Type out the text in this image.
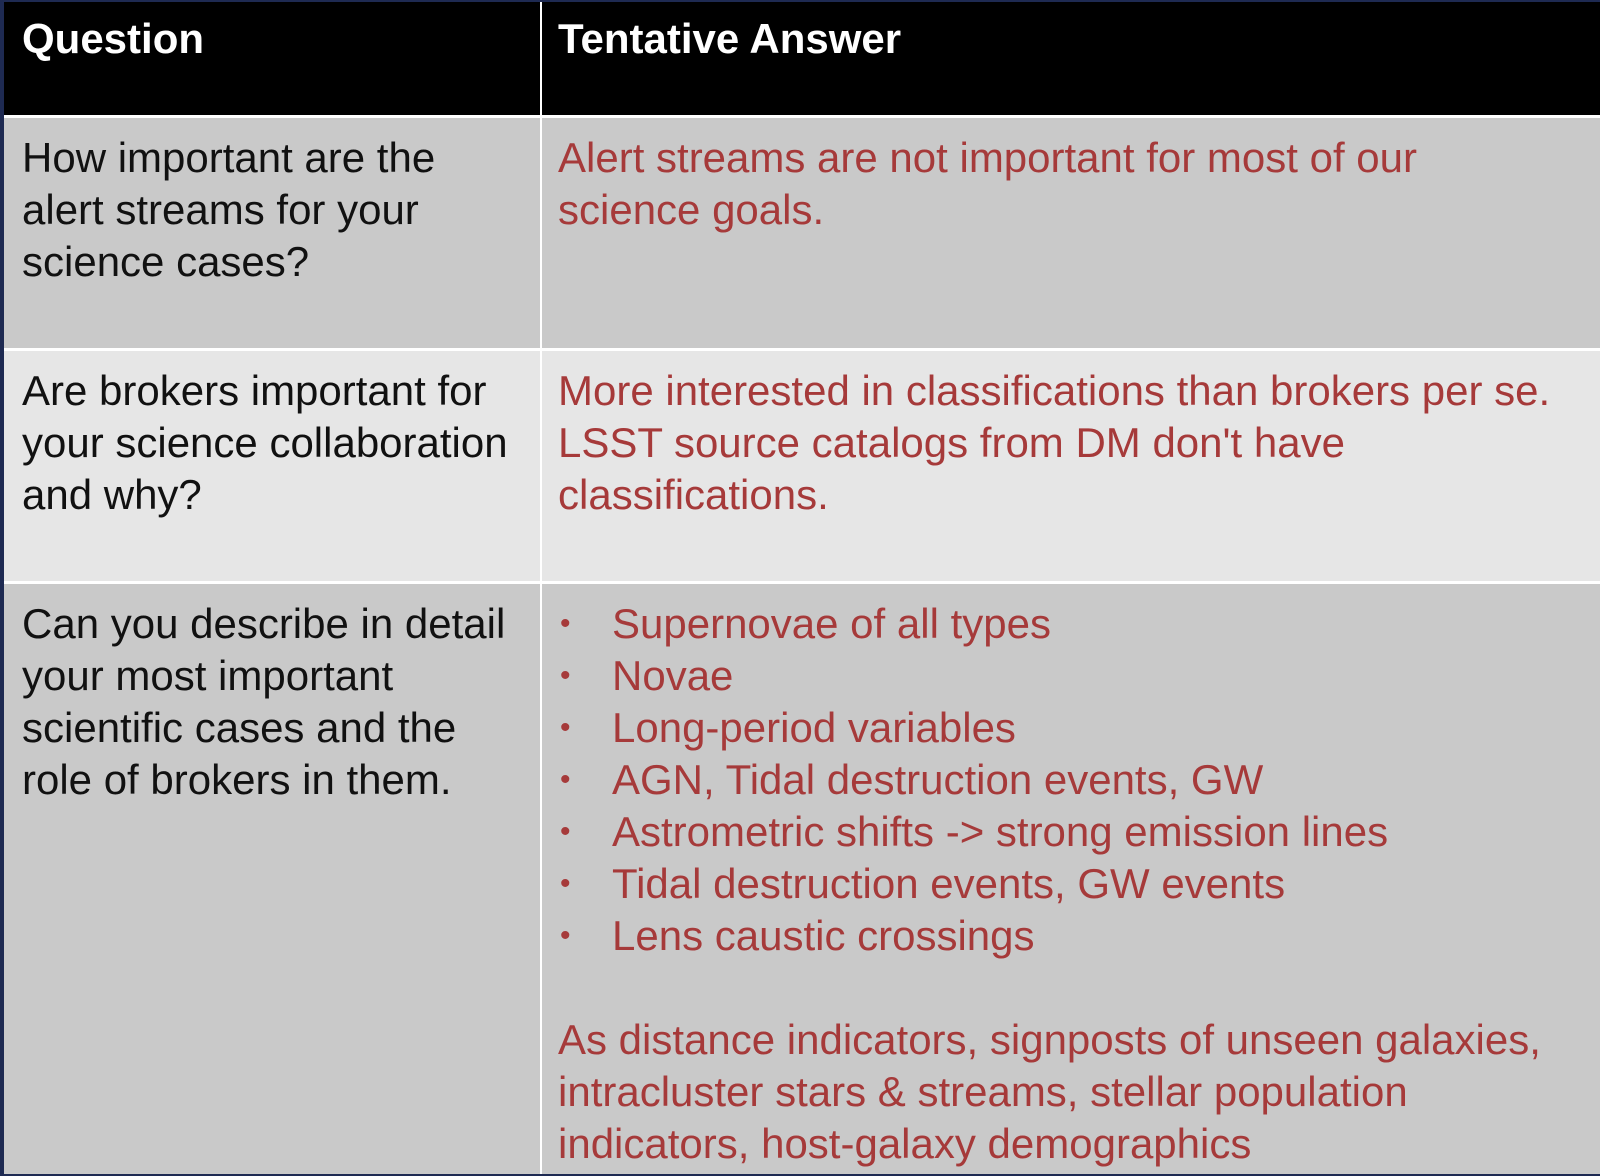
Question	Tentative Answer
How important are the
alert streams for your
science cases?
Alert streams are not important for most of our
science goals.
Are brokers important for
your science collaboration
and why?
More interested in classifications than brokers per se.
LSST source catalogs from DM don't have
classifications.
Can you describe in detail
your most important
scientific cases and the
role of brokers in them.
• Supernovae of all types
• Novae
• Long-period variables
• AGN, Tidal destruction events, GW
• Astrometric shifts -> strong emission lines
• Tidal destruction events, GW events
• Lens caustic crossings
As distance indicators, signposts of unseen galaxies,
intracluster stars & streams, stellar population
indicators, host-galaxy demographics
